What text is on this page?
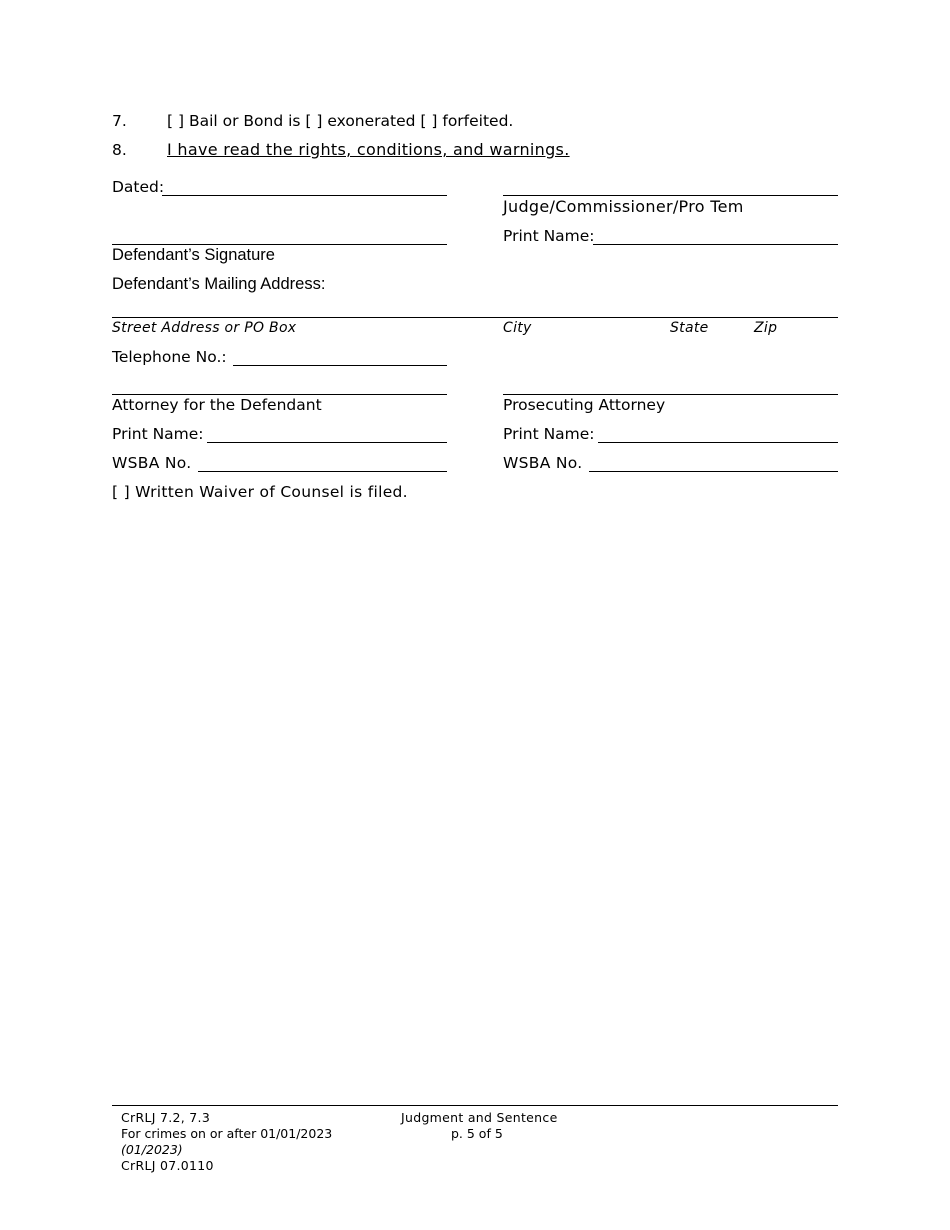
7.	[ ] Bail or Bond is [ ] exonerated [ ] forfeited.
8.	I have read the rights, conditions, and warnings.
Dated:
Judge/Commissioner/Pro Tem
Print Name:
Defendant’s Signature
Defendant’s Mailing Address:
Street Address or PO Box	City	State	Zip
Telephone No.:
Attorney for the Defendant	Prosecuting Attorney
Print Name:	Print Name:
WSBA No.	WSBA No.
[ ] Written Waiver of Counsel is filed.
CrRLJ 7.2, 7.3
For crimes on or after 01/01/2023
(01/2023)
CrRLJ 07.0110
Judgment and Sentence
p. 5 of 5
